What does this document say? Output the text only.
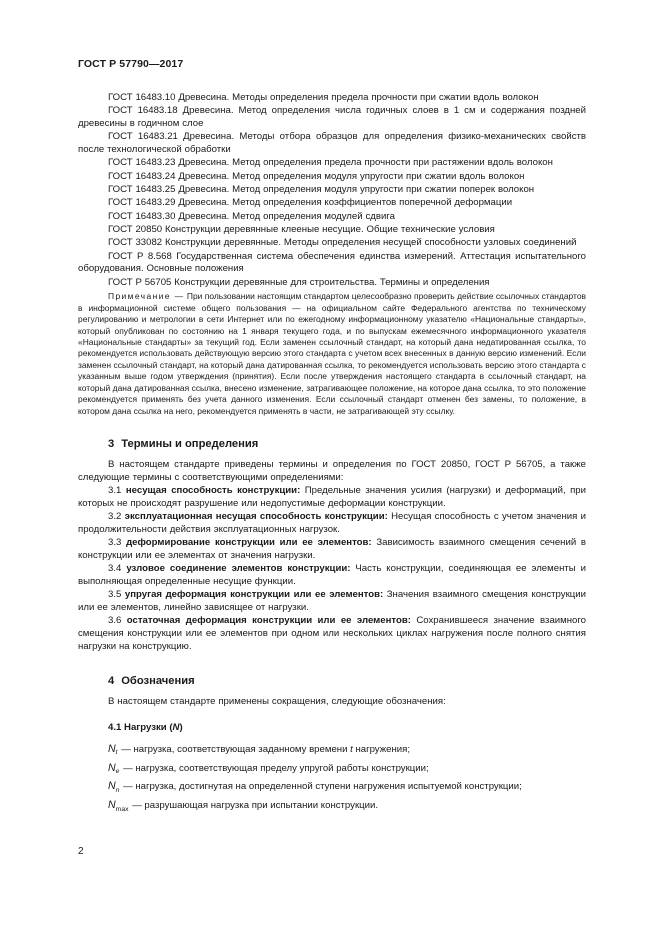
ГОСТ Р 57790—2017

ГОСТ 16483.10 Древесина. Методы определения предела прочности при сжатии вдоль волокон

ГОСТ 16483.18 Древесина. Метод определения числа годичных слоев в 1 см и содержания поздней древесины в годичном слое

ГОСТ 16483.21 Древесина. Методы отбора образцов для определения физико-механических свойств после технологической обработки

ГОСТ 16483.23 Древесина. Метод определения предела прочности при растяжении вдоль волокон

ГОСТ 16483.24 Древесина. Метод определения модуля упругости при сжатии вдоль волокон

ГОСТ 16483.25 Древесина. Метод определения модуля упругости при сжатии поперек волокон

ГОСТ 16483.29 Древесина. Метод определения коэффициентов поперечной деформации

ГОСТ 16483.30 Древесина. Метод определения модулей сдвига

ГОСТ 20850 Конструкции деревянные клееные несущие. Общие технические условия

ГОСТ 33082 Конструкции деревянные. Методы определения несущей способности узловых соединений

ГОСТ Р 8.568 Государственная система обеспечения единства измерений. Аттестация испытательного оборудования. Основные положения

ГОСТ Р 56705 Конструкции деревянные для строительства. Термины и определения

Примечание — При пользовании настоящим стандартом целесообразно проверить действие ссылочных стандартов в информационной системе общего пользования — на официальном сайте Федерального агентства по техническому регулированию и метрологии в сети Интернет или по ежегодному информационному указателю «Национальные стандарты», который опубликован по состоянию на 1 января текущего года, и по выпускам ежемесячного информационного указателя «Национальные стандарты» за текущий год. Если заменен ссылочный стандарт, на который дана недатированная ссылка, то рекомендуется использовать действующую версию этого стандарта с учетом всех внесенных в данную версию изменений. Если заменен ссылочный стандарт, на который дана датированная ссылка, то рекомендуется использовать версию этого стандарта с указанным выше годом утверждения (принятия). Если после утверждения настоящего стандарта в ссылочный стандарт, на который дана датированная ссылка, внесено изменение, затрагивающее положение, на которое дана ссылка, то это положение рекомендуется применять без учета данного изменения. Если ссылочный стандарт отменен без замены, то положение, в котором дана ссылка на него, рекомендуется применять в части, не затрагивающей эту ссылку.

3 Термины и определения

В настоящем стандарте приведены термины и определения по ГОСТ 20850, ГОСТ Р 56705, а также следующие термины с соответствующими определениями:

3.1 несущая способность конструкции: Предельные значения усилия (нагрузки) и деформаций, при которых не происходят разрушение или недопустимые деформации конструкции.

3.2 эксплуатационная несущая способность конструкции: Несущая способность с учетом значения и продолжительности действия эксплуатационных нагрузок.

3.3 деформирование конструкции или ее элементов: Зависимость взаимного смещения сечений в конструкции или ее элементах от значения нагрузки.

3.4 узловое соединение элементов конструкции: Часть конструкции, соединяющая ее элементы и выполняющая определенные несущие функции.

3.5 упругая деформация конструкции или ее элементов: Значения взаимного смещения конструкции или ее элементов, линейно зависящее от нагрузки.

3.6 остаточная деформация конструкции или ее элементов: Сохранившееся значение взаимного смещения конструкции или ее элементов при одном или нескольких циклах нагружения после полного снятия нагрузки на конструкцию.

4 Обозначения

В настоящем стандарте применены сокращения, следующие обозначения:

4.1 Нагрузки (N)

$N_t$ — нагрузка, соответствующая заданному времени t нагружения;

$N_e$ — нагрузка, соответствующая пределу упругой работы конструкции;

$N_n$ — нагрузка, достигнутая на определенной ступени нагружения испытуемой конструкции;

$N_{max}$ — разрушающая нагрузка при испытании конструкции.

2
